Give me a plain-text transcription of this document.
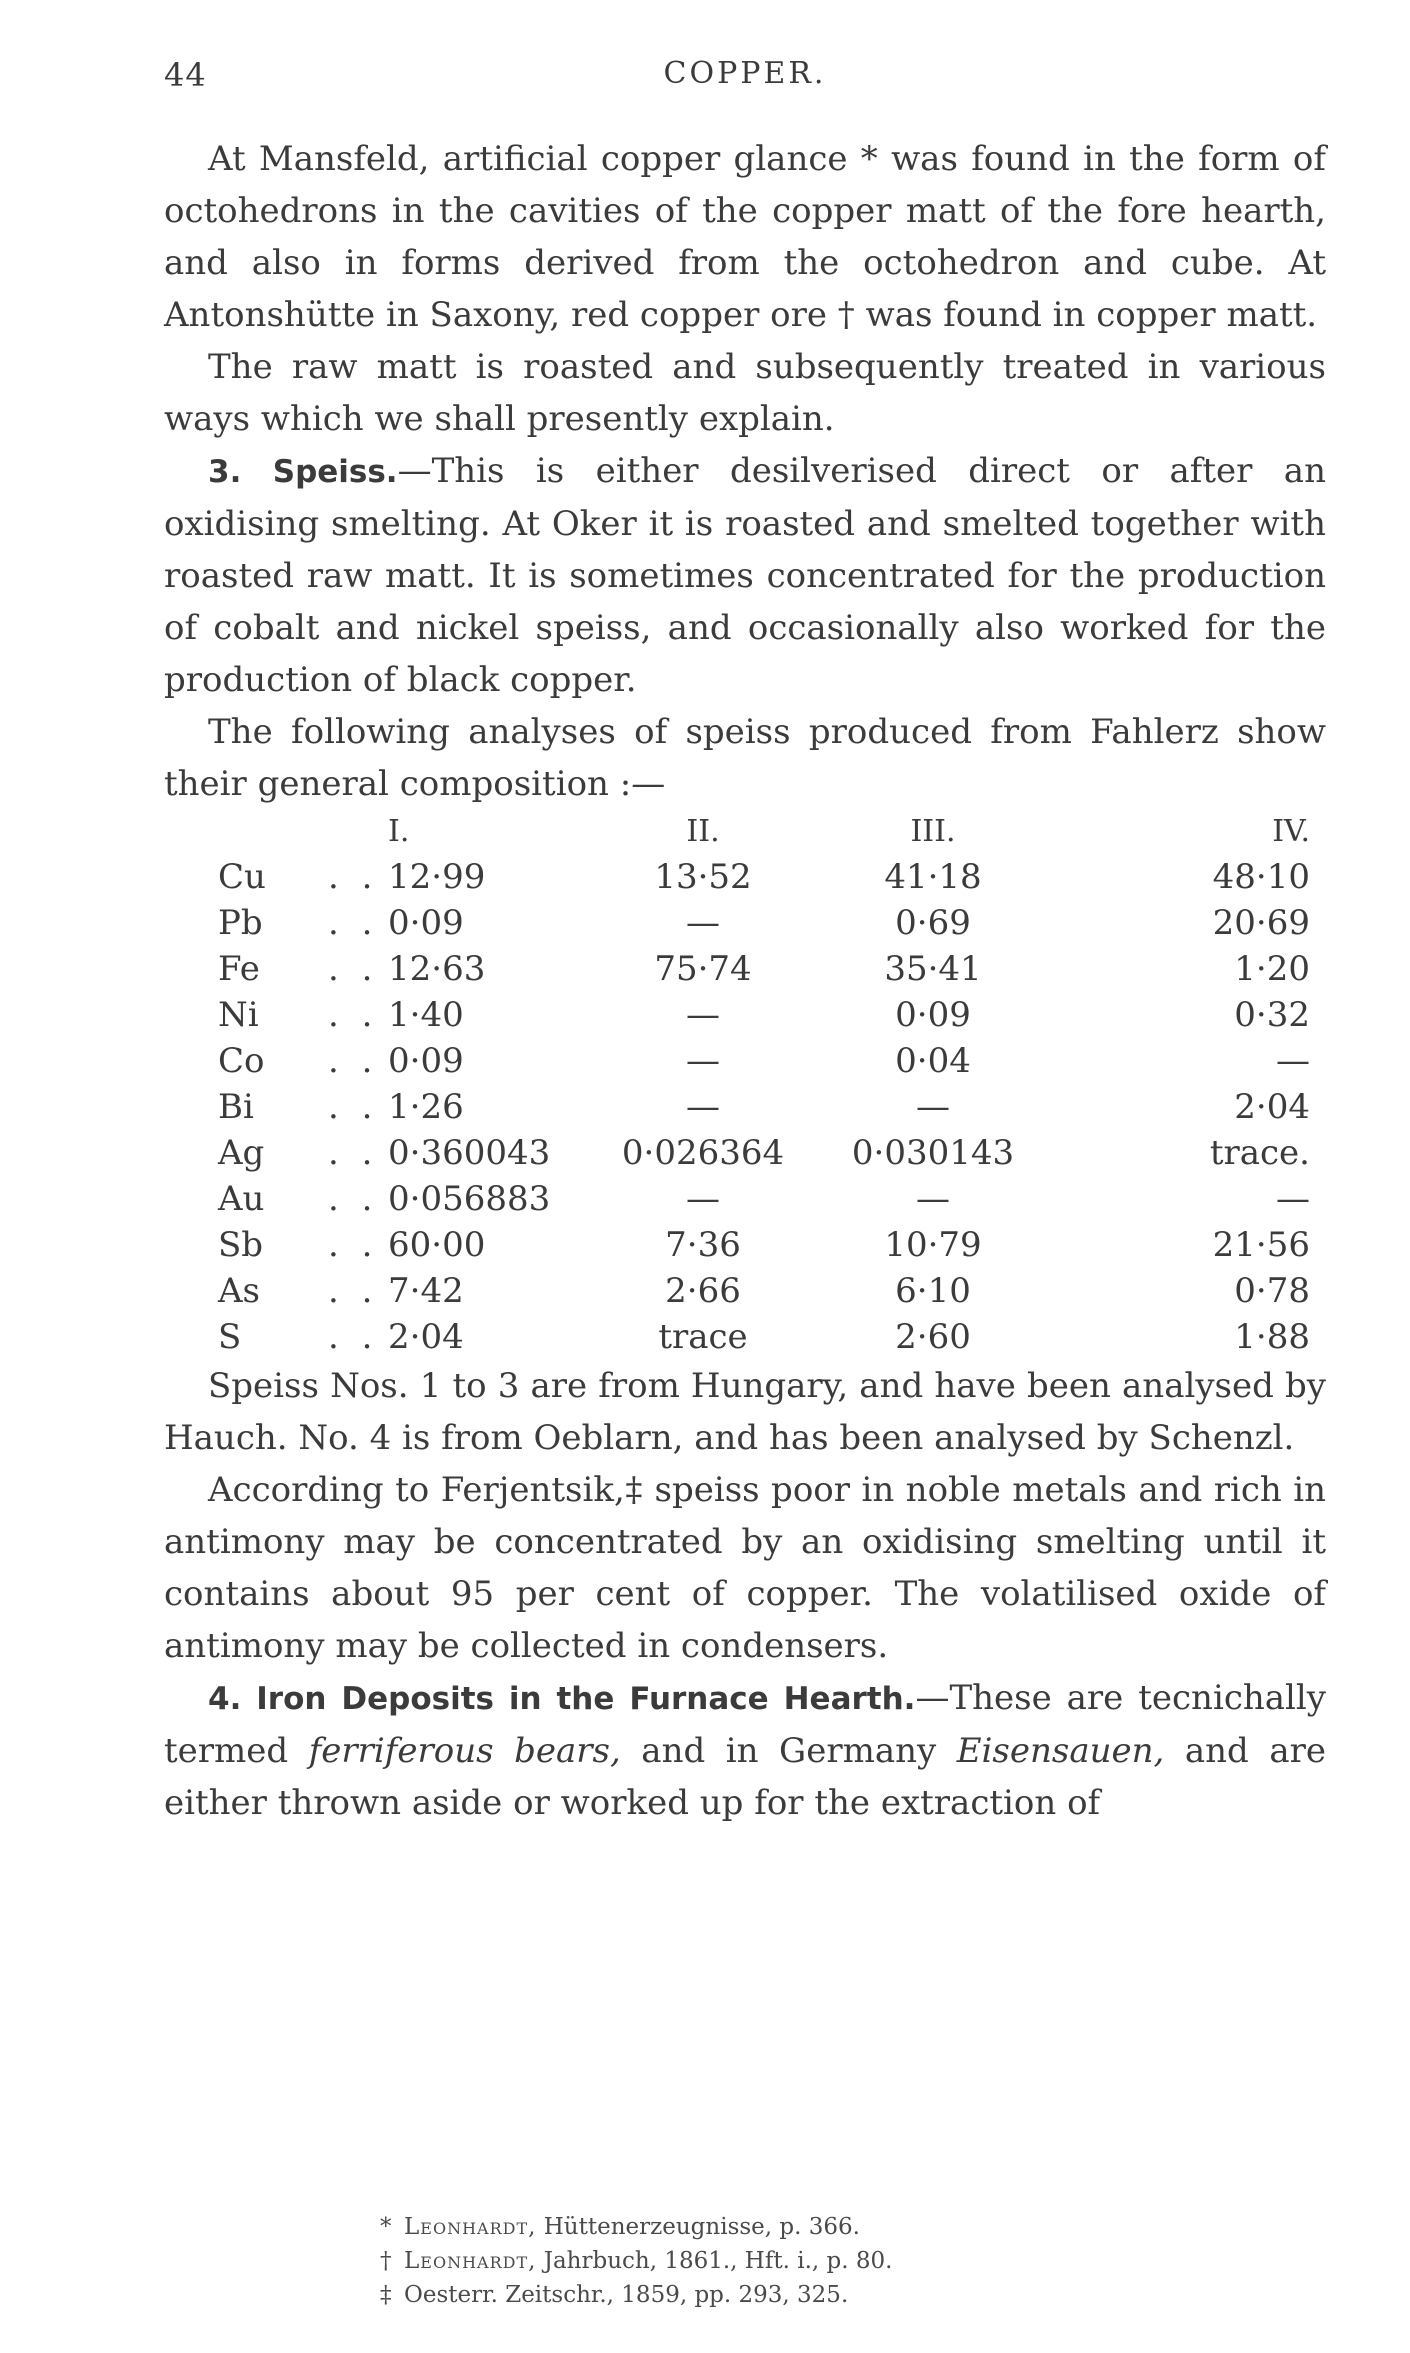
44	COPPER.

At Mansfeld, artificial copper glance * was found in the form of octohedrons in the cavities of the copper matt of the fore hearth, and also in forms derived from the octohedron and cube. At Antonshütte in Saxony, red copper ore † was found in copper matt.

The raw matt is roasted and subsequently treated in various ways which we shall presently explain.

3. Speiss.—This is either desilverised direct or after an oxidising smelting. At Oker it is roasted and smelted together with roasted raw matt. It is sometimes concentrated for the production of cobalt and nickel speiss, and occasionally also worked for the production of black copper.

The following analyses of speiss produced from Fahlerz show their general composition :—

		I.	II.	III.	IV.
Cu	. .	12·99	13·52	41·18	48·10
Pb	. .	0·09	—	0·69	20·69
Fe	. .	12·63	75·74	35·41	1·20
Ni	. .	1·40	—	0·09	0·32
Co	. .	0·09	—	0·04	—
Bi	. .	1·26	—	—	2·04
Ag	. .	0·360043	0·026364	0·030143	trace.
Au	. .	0·056883	—	—	—
Sb	. .	60·00	7·36	10·79	21·56
As	. .	7·42	2·66	6·10	0·78
S	. .	2·04	trace	2·60	1·88

Speiss Nos. 1 to 3 are from Hungary, and have been analysed by Hauch. No. 4 is from Oeblarn, and has been analysed by Schenzl.

According to Ferjentsik,‡ speiss poor in noble metals and rich in antimony may be concentrated by an oxidising smelting until it contains about 95 per cent of copper. The volatilised oxide of antimony may be collected in condensers.

4. Iron Deposits in the Furnace Hearth.—These are tecnichally termed ferriferous bears, and in Germany Eisensauen, and are either thrown aside or worked up for the extraction of

* Leonhardt, Hüttenerzeugnisse, p. 366.

† Leonhardt, Jahrbuch, 1861., Hft. i., p. 80.

‡ Oesterr. Zeitschr., 1859, pp. 293, 325.
